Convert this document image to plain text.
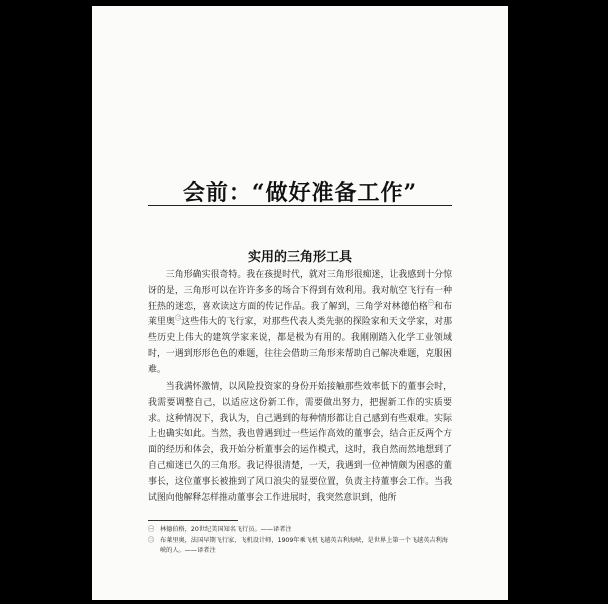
会前：“做好准备工作”
实用的三角形工具

三角形确实很奇特。我在孩提时代，就对三角形很痴迷，让我感到十分惊讶的是，三角形可以在许许多多的场合下得到有效利用。我对航空飞行有一种狂热的迷恋，喜欢读这方面的传记作品。我了解到，三角学对林德伯格$^㊀$和布莱里奥$^㊁$这些伟大的飞行家，对那些代表人类先驱的探险家和天文学家，对那些历史上伟大的建筑学家来说，都是极为有用的。我刚刚踏入化学工业领域时，一遇到形形色色的难题，往往会借助三角形来帮助自己解决难题，克服困难。

当我满怀激情，以风险投资家的身份开始接触那些效率低下的董事会时，我需要调整自己，以适应这份新工作，需要做出努力，把握新工作的实质要求。这种情况下，我认为，自己遇到的每种情形都让自己感到有些艰难。实际上也确实如此。当然，我也曾遇到过一些运作高效的董事会，结合正反两个方面的经历和体会，我开始分析董事会的运作模式，这时，我自然而然地想到了自己痴迷已久的三角形。我记得很清楚，一天，我遇到一位神情颇为困惑的董事长，这位董事长被推到了风口浪尖的显要位置，负责主持董事会工作。当我试图向他解释怎样推动董事会工作进展时，我突然意识到，他所

㊀ 林德伯格，20世纪美国知名飞行员。——译者注
㊁ 布莱里奥，法国早期飞行家，飞机设计师，1909年乘飞机飞越英吉利海峡，是世界上第一个飞越英吉利海峡的人。——译者注
